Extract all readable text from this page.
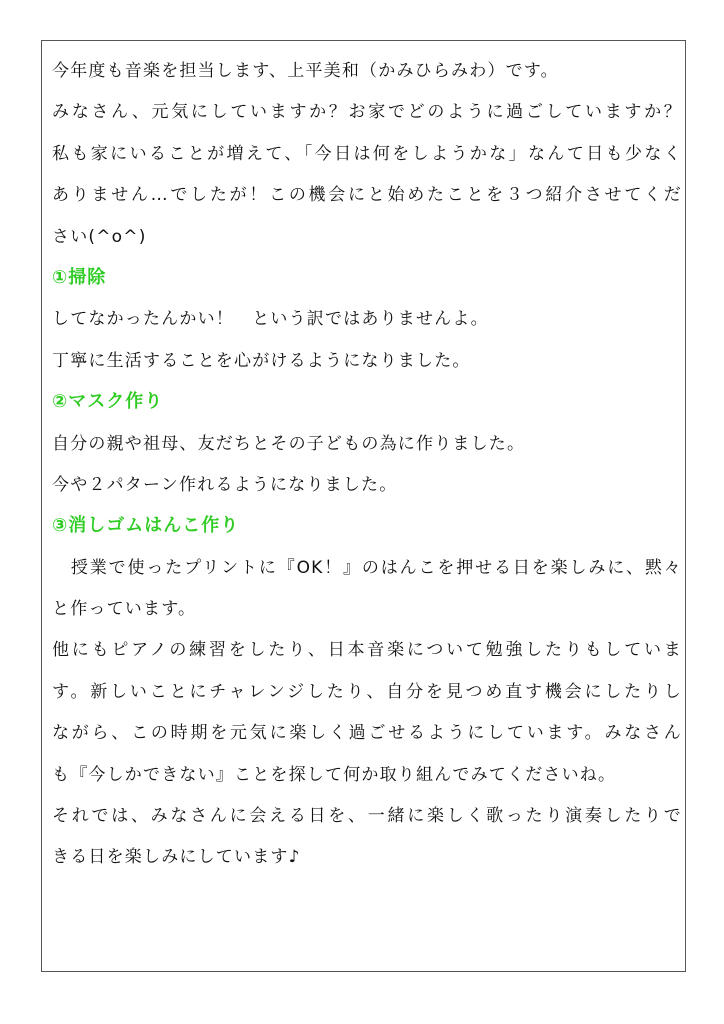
今年度も音楽を担当します、上平美和（かみひらみわ）です。
みなさん、元気にしていますか？お家でどのように過ごしていますか？
私も家にいることが増えて、「今日は何をしようかな」なんて日も少なく
ありません…でしたが！この機会にと始めたことを３つ紹介させてくだ
さい(^o^)
①掃除
してなかったんかい！　という訳ではありませんよ。
丁寧に生活することを心がけるようになりました。
②マスク作り
自分の親や祖母、友だちとその子どもの為に作りました。
今や２パターン作れるようになりました。
③消しゴムはんこ作り
　授業で使ったプリントに『OK！』のはんこを押せる日を楽しみに、黙々
と作っています。
他にもピアノの練習をしたり、日本音楽について勉強したりもしていま
す。新しいことにチャレンジしたり、自分を見つめ直す機会にしたりし
ながら、この時期を元気に楽しく過ごせるようにしています。みなさん
も『今しかできない』ことを探して何か取り組んでみてくださいね。
それでは、みなさんに会える日を、一緒に楽しく歌ったり演奏したりで
きる日を楽しみにしています♪
